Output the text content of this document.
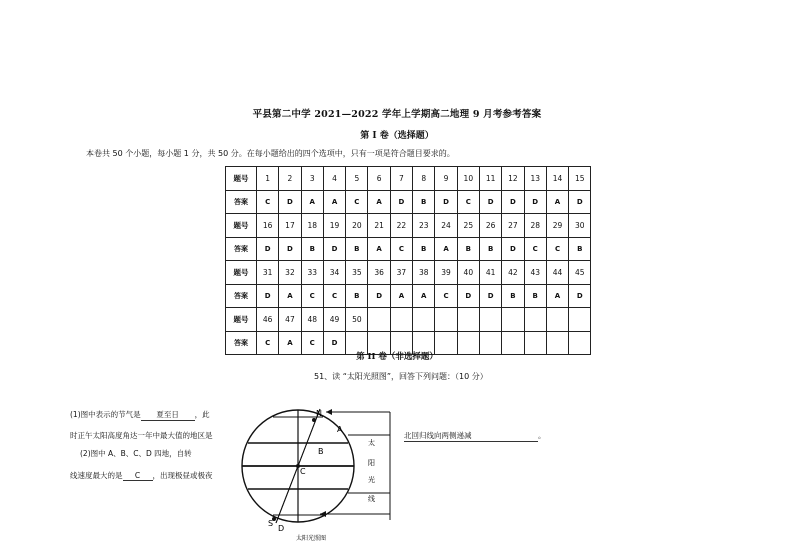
平县第二中学 2021—2022 学年上学期高二地理 9 月考参考答案
第 I 卷（选择题）
本卷共 50 个小题，每小题 1 分，共 50 分。在每小题给出的四个选项中，只有一项是符合题目要求的。
题号	1	2	3	4	5	6	7	8	9	10	11	12	13	14	15
答案	C	D	A	A	C	A	D	B	D	C	D	D	D	A	D
题号	16	17	18	19	20	21	22	23	24	25	26	27	28	29	30
答案	D	D	B	D	B	A	C	B	A	B	B	D	C	C	B
题号	31	32	33	34	35	36	37	38	39	40	41	42	43	44	45
答案	D	A	C	C	B	D	A	A	C	D	D	B	B	A	D
题号	46	47	48	49	50										
答案	C	A	C	D											
第 II 卷（非选择题）
51、读 “太阳光照图”，回答下列问题：（10 分）
(1)图中表示的节气是 夏至日 ，此
时正午太阳高度角达一年中最大值的地区是	北回归线向两侧递减	。
(2)图中 A、B、C、D 四地，自转
线速度最大的是 C ，出现极昼或极夜
N
A
B
C
S
D
太
阳
光
线
太阳光照图
